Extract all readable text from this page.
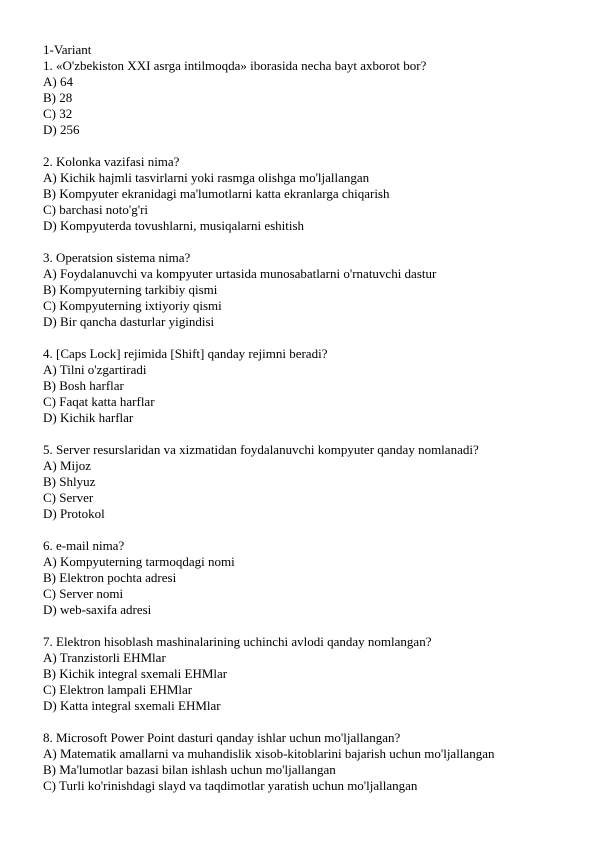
1-Variant
1. «O'zbekiston XXI asrga intilmoqda» iborasida necha bayt axborot bor?
A) 64
B) 28
C) 32
D) 256
2. Kolonka vazifasi nima?
A) Kichik hajmli tasvirlarni yoki rasmga olishga mo'ljallangan
B) Kompyuter ekranidagi ma'lumotlarni katta ekranlarga chiqarish
C) barchasi noto'g'ri
D) Kompyuterda tovushlarni, musiqalarni eshitish
3. Operatsion sistema nima?
A) Foydalanuvchi va kompyuter urtasida munosabatlarni o'rnatuvchi dastur
B) Kompyuterning tarkibiy qismi
C) Kompyuterning ixtiyoriy qismi
D) Bir qancha dasturlar yigindisi
4. [Caps Lock] rejimida [Shift] qanday rejimni beradi?
A) Tilni o'zgartiradi
B) Bosh harflar
C) Faqat katta harflar
D) Kichik harflar
5. Server resurslaridan va xizmatidan foydalanuvchi kompyuter qanday nomlanadi?
A) Mijoz
B) Shlyuz
C) Server
D) Protokol
6. e-mail nima?
A) Kompyuterning tarmoqdagi nomi
B) Elektron pochta adresi
C) Server nomi
D) web-saxifa adresi
7. Elektron hisoblash mashinalarining uchinchi avlodi qanday nomlangan?
A) Tranzistorli EHMlar
B) Kichik integral sxemali EHMlar
C) Elektron lampali EHMlar
D) Katta integral sxemali EHMlar
8. Microsoft Power Point dasturi qanday ishlar uchun mo'ljallangan?
A) Matematik amallarni va muhandislik xisob-kitoblarini bajarish uchun mo'ljallangan
B) Ma'lumotlar bazasi bilan ishlash uchun mo'ljallangan
C) Turli ko'rinishdagi slayd va taqdimotlar yaratish uchun mo'ljallangan
